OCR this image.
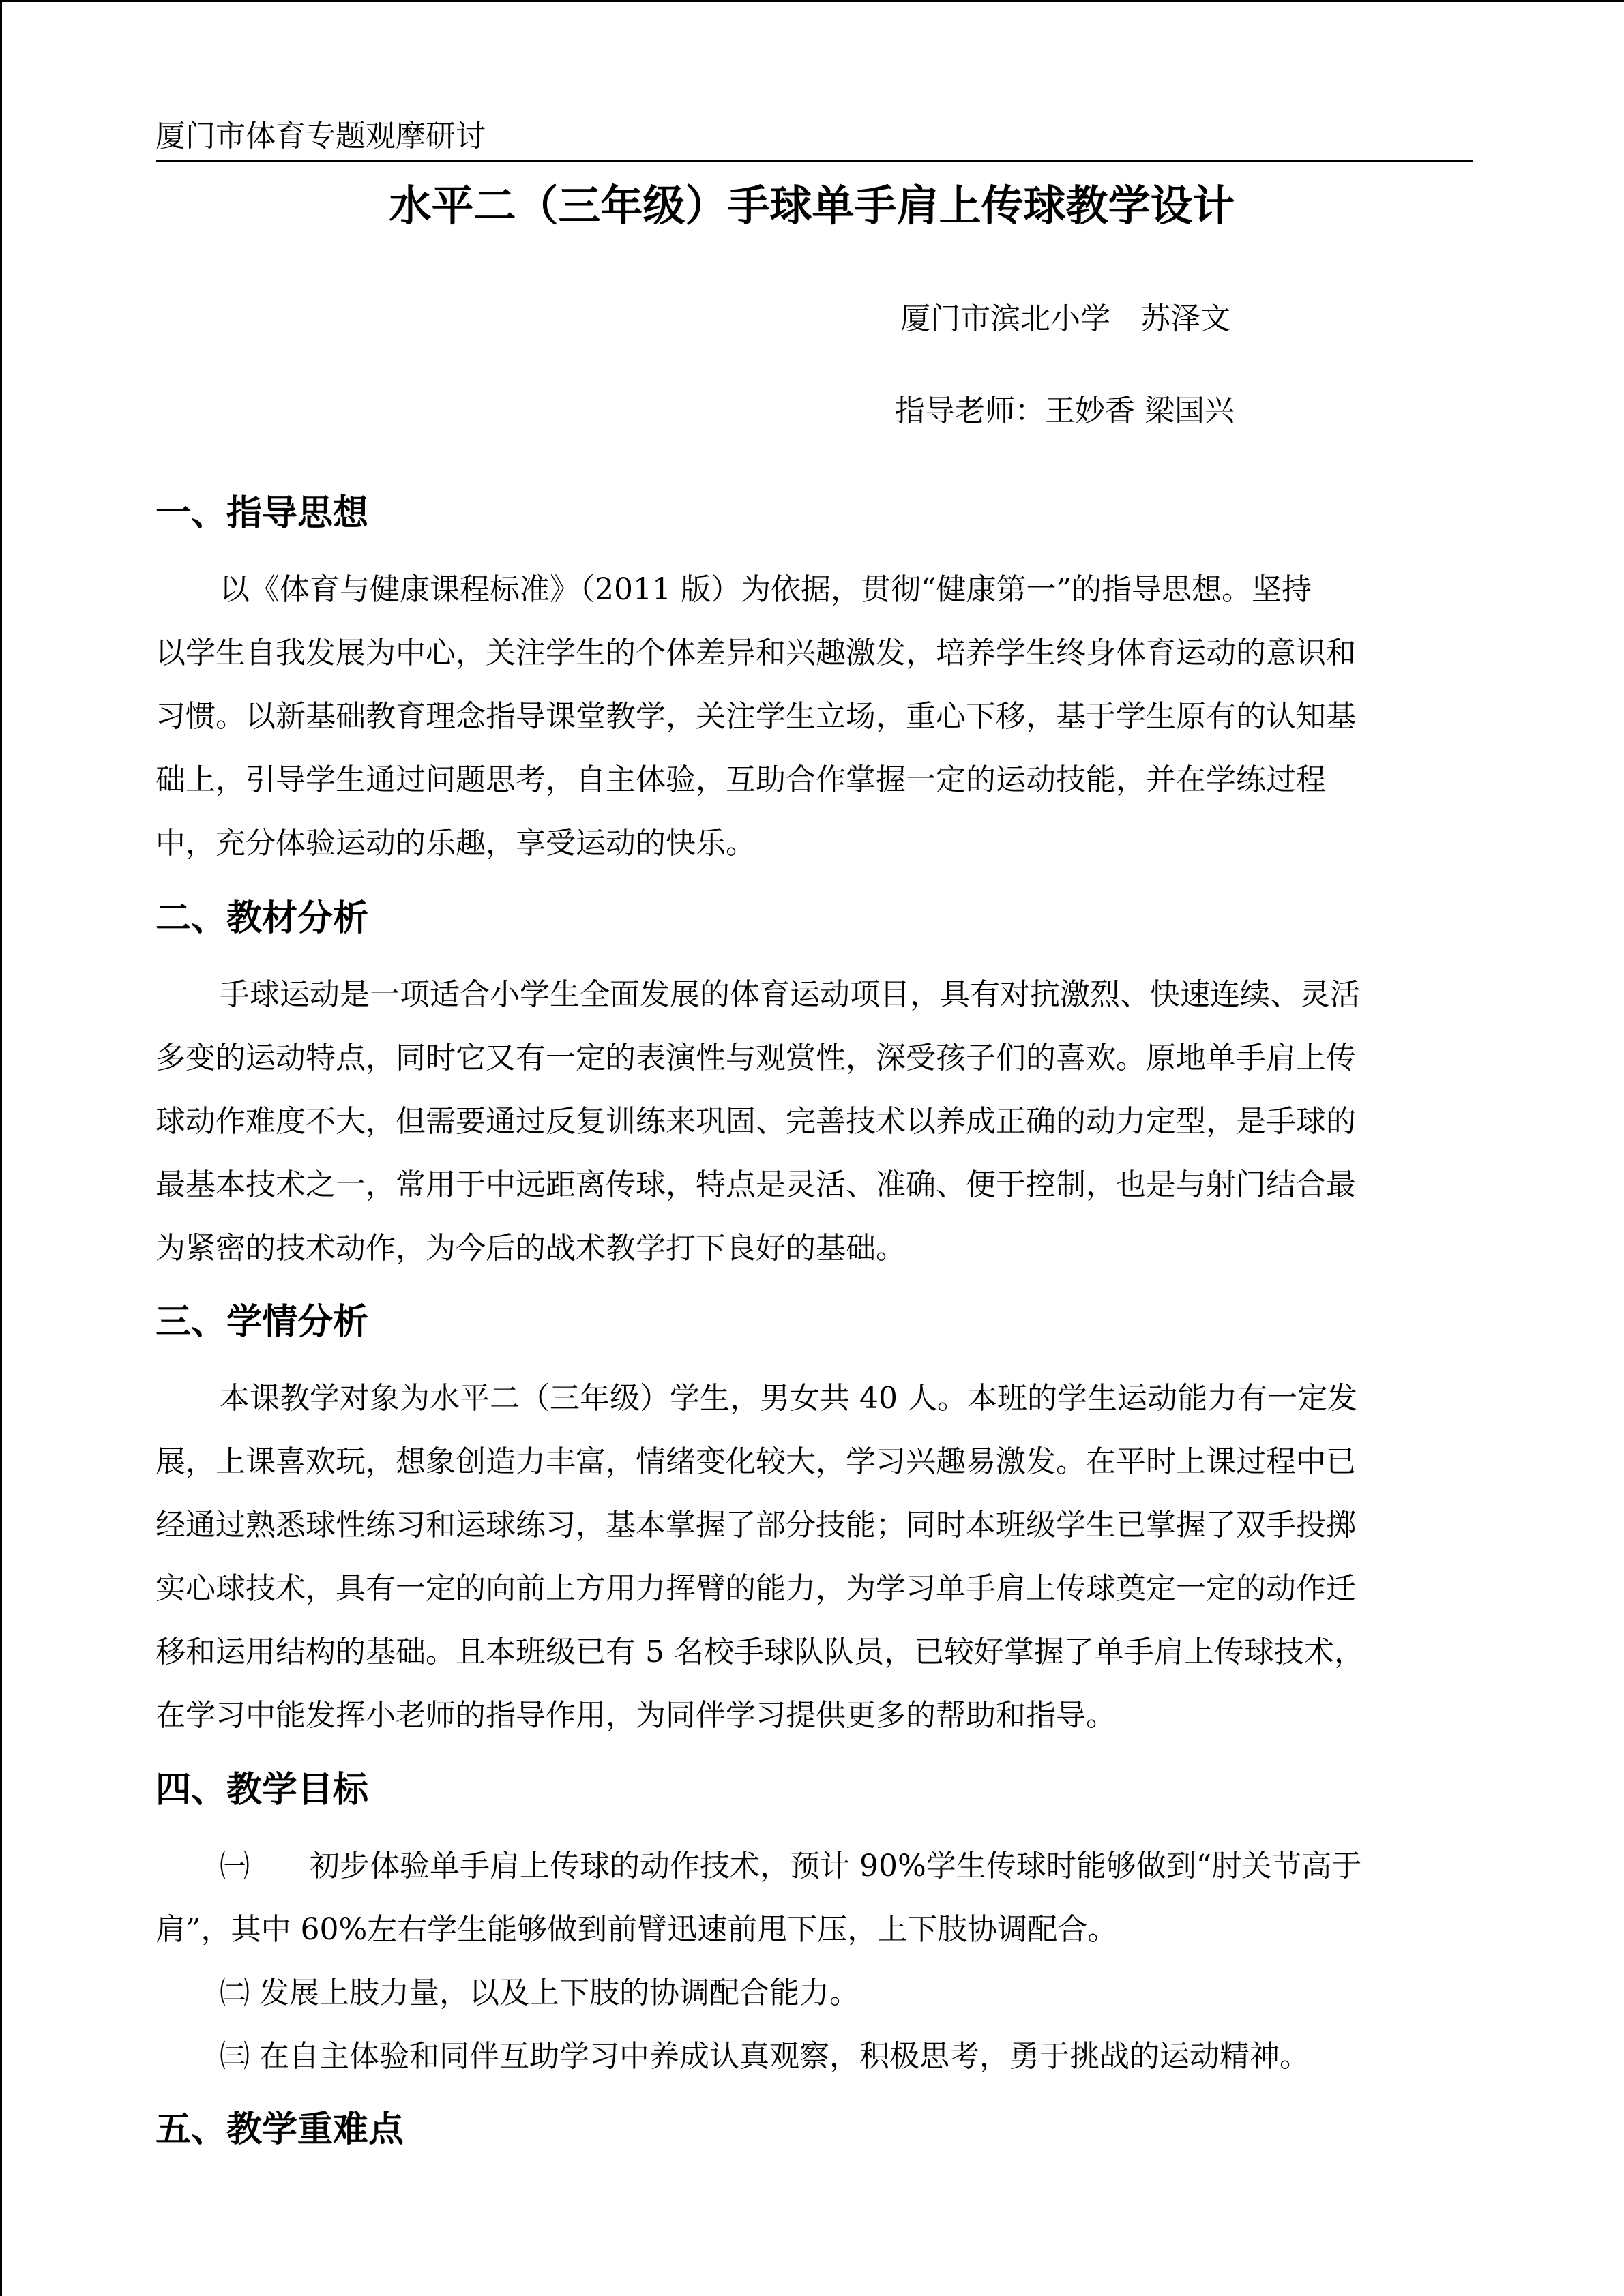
厦门市体育专题观摩研讨
水平二（三年级）手球单手肩上传球教学设计
厦门市滨北小学　苏泽文
指导老师：王妙香 梁国兴
一、指导思想
以《体育与健康课程标准》（2011 版）为依据，贯彻“健康第一”的指导思想。坚持
以学生自我发展为中心，关注学生的个体差异和兴趣激发，培养学生终身体育运动的意识和
习惯。以新基础教育理念指导课堂教学，关注学生立场，重心下移，基于学生原有的认知基
础上，引导学生通过问题思考，自主体验，互助合作掌握一定的运动技能，并在学练过程
中，充分体验运动的乐趣，享受运动的快乐。
二、教材分析
手球运动是一项适合小学生全面发展的体育运动项目，具有对抗激烈、快速连续、灵活
多变的运动特点，同时它又有一定的表演性与观赏性，深受孩子们的喜欢。原地单手肩上传
球动作难度不大，但需要通过反复训练来巩固、完善技术以养成正确的动力定型，是手球的
最基本技术之一，常用于中远距离传球，特点是灵活、准确、便于控制，也是与射门结合最
为紧密的技术动作，为今后的战术教学打下良好的基础。
三、学情分析
本课教学对象为水平二（三年级）学生，男女共 40 人。本班的学生运动能力有一定发
展，上课喜欢玩，想象创造力丰富，情绪变化较大，学习兴趣易激发。在平时上课过程中已
经通过熟悉球性练习和运球练习，基本掌握了部分技能；同时本班级学生已掌握了双手投掷
实心球技术，具有一定的向前上方用力挥臂的能力，为学习单手肩上传球奠定一定的动作迁
移和运用结构的基础。且本班级已有 5 名校手球队队员，已较好掌握了单手肩上传球技术，
在学习中能发挥小老师的指导作用，为同伴学习提供更多的帮助和指导。
四、教学目标
㈠　　初步体验单手肩上传球的动作技术，预计 90%学生传球时能够做到“肘关节高于
肩”，其中 60%左右学生能够做到前臂迅速前甩下压，上下肢协调配合。
㈡ 发展上肢力量，以及上下肢的协调配合能力。
㈢ 在自主体验和同伴互助学习中养成认真观察，积极思考，勇于挑战的运动精神。
五、教学重难点
